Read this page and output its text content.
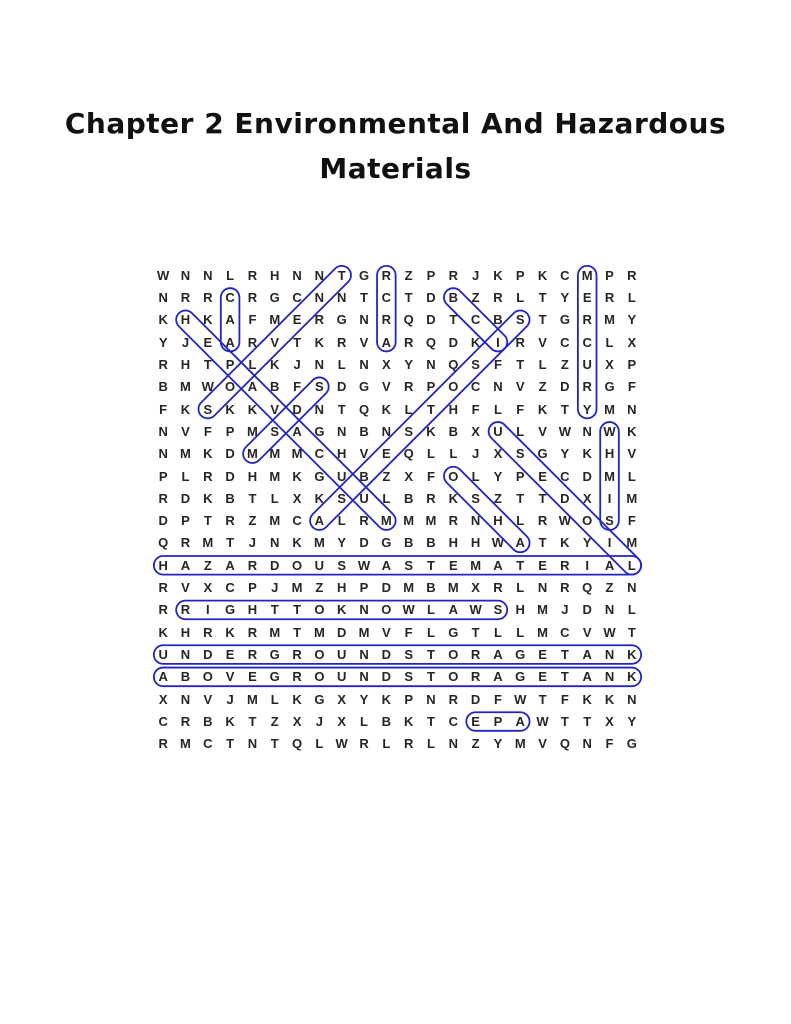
Chapter 2 Environmental And Hazardous
Materials
W N N	L	R H N N	T	G R	Z	P	R	J	K	P	K C M P	R
N R R C R G C N N	T	C	T	D B	Z	R	L	T	Y	E	R	L
K H K A	F M E	R G N R Q D	T	C B	S	T	G R M Y
Y	J	E	A R	V	T	K R	V	A R Q D K	I	R	V	C C	L	X
R H	T	P	L	K	J	N	L	N	X	Y	N Q S	F	T	L	Z	U	X	P
B M W O A B	F	S	D G V	R	P O C N	V	Z	D R G	F
F	K	S	K K	V	D N	T	Q K	L	T	H	F	L	F	K	T	Y M N
N	V	F	P M S	A G N B N	S	K B	X	U	L	V W N W K
N M K D M M M C H	V	E Q	L	L	J	X	S G Y	K H	V
P	L	R D H M K G U B	Z	X	F	O	L	Y	P	E	C D M L
R D K B	T	L	X	K	S	U	L	B R K	S	Z	T	T	D	X	I	M
D	P	T	R	Z M C A	L	R M M M R N H	L	R W O S	F
Q R M T	J	N K M Y	D G B B H H W A	T	K	Y	I	M
H A	Z	A R D O U	S W A	S	T	E M A	T	E	R	I	A	L
R	V	X	C	P	J	M Z	H	P	D M B M X	R	L	N R Q	Z	N
R R	I	G H	T	T	O K N O W L	A W S	H M	J	D N	L
K H R K R M T M D M V	F	L	G	T	L	L M C	V W T
U N D	E	R G R O U N D	S	T	O R A G E	T	A N K
A B O V	E G R O U N D	S	T	O R A G E	T	A N K
X	N	V	J	M L	K G X	Y	K	P	N R D	F W T	F	K K N
C R B K	T	Z	X	J	X	L	B K	T	C	E	P	A W T	T	X	Y
R M C	T	N	T	Q	L W R	L	R	L	N	Z	Y M V Q N	F	G
